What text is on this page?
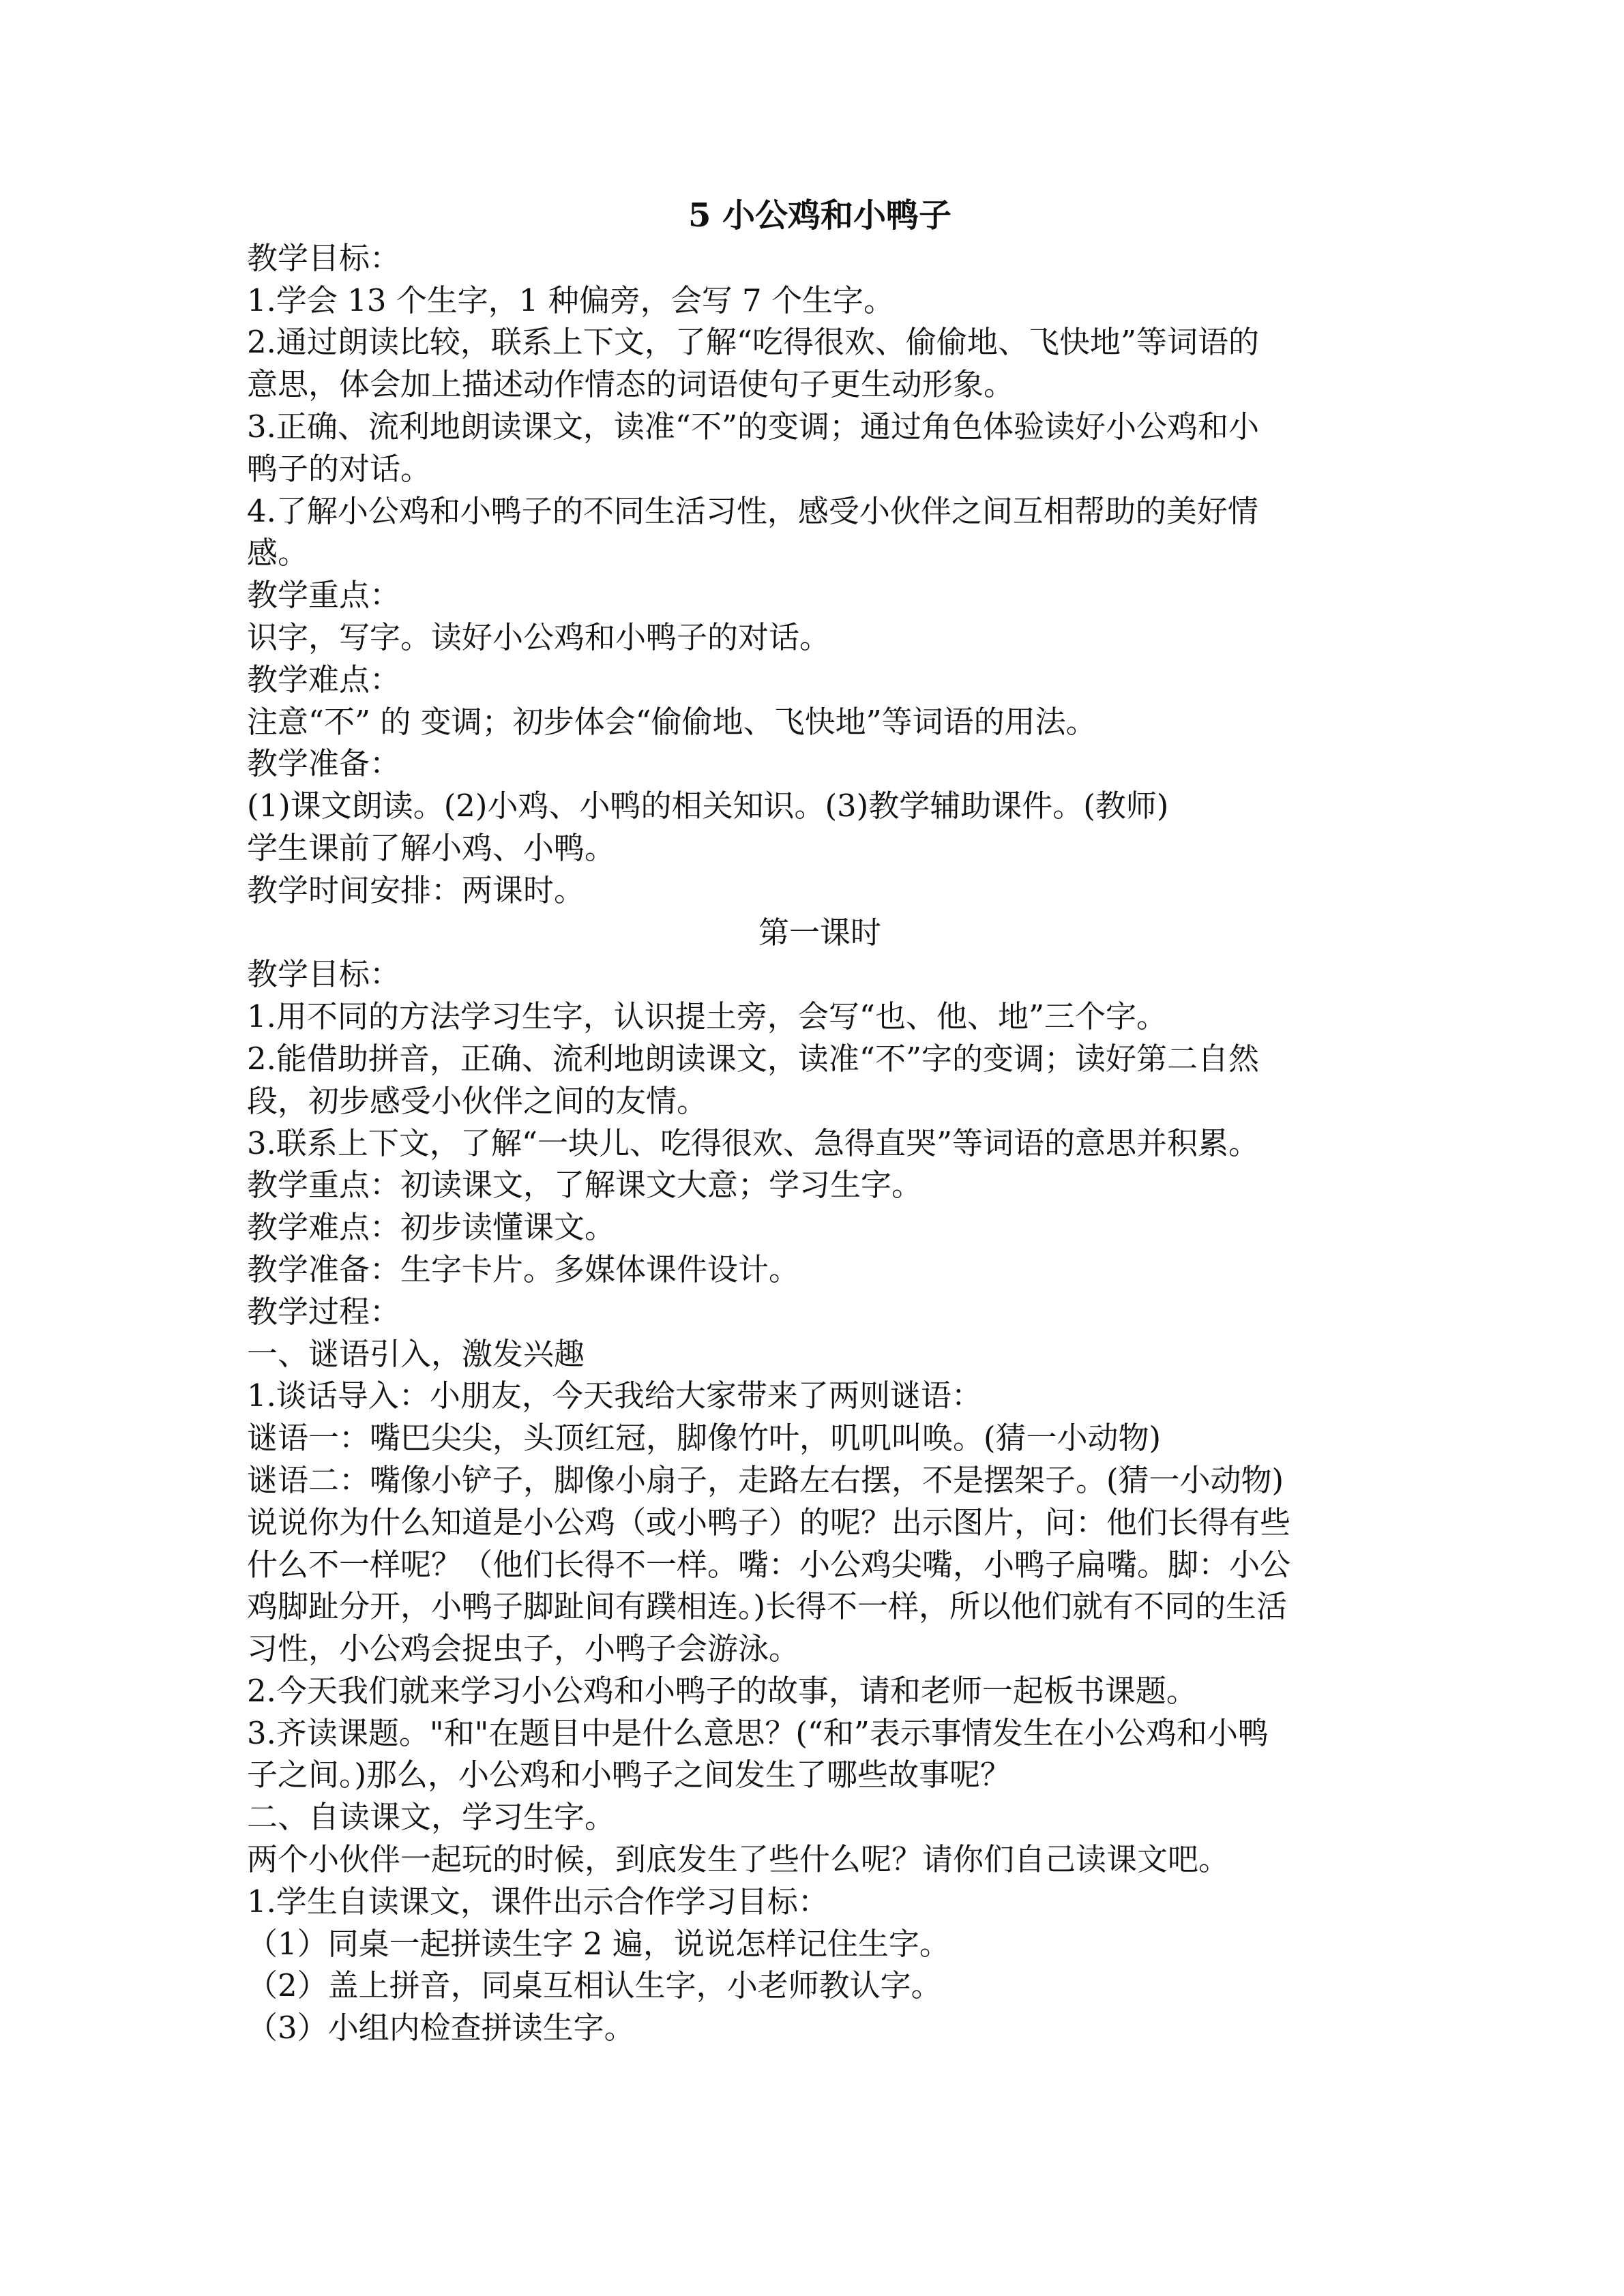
5 小公鸡和小鸭子

教学目标：

1.学会 13 个生字，1 种偏旁，会写 7 个生字。

2.通过朗读比较，联系上下文，了解“吃得很欢、偷偷地、飞快地”等词语的

意思，体会加上描述动作情态的词语使句子更生动形象。

3.正确、流利地朗读课文，读准“不”的变调；通过角色体验读好小公鸡和小

鸭子的对话。

4.了解小公鸡和小鸭子的不同生活习性，感受小伙伴之间互相帮助的美好情

感。

教学重点：

识字，写字。读好小公鸡和小鸭子的对话。

教学难点：

注意“不” 的 变调；初步体会“偷偷地、飞快地”等词语的用法。

教学准备：

(1)课文朗读。(2)小鸡、小鸭的相关知识。(3)教学辅助课件。(教师)

学生课前了解小鸡、小鸭。

教学时间安排：两课时。

第一课时

教学目标：

1.用不同的方法学习生字，认识提土旁，会写“也、他、地”三个字。

2.能借助拼音，正确、流利地朗读课文，读准“不”字的变调；读好第二自然

段，初步感受小伙伴之间的友情。

3.联系上下文，了解“一块儿、吃得很欢、急得直哭”等词语的意思并积累。

教学重点：初读课文，了解课文大意；学习生字。

教学难点：初步读懂课文。

教学准备：生字卡片。多媒体课件设计。

教学过程：

一、谜语引入，激发兴趣

1.谈话导入：小朋友，今天我给大家带来了两则谜语：

谜语一：嘴巴尖尖，头顶红冠，脚像竹叶，叽叽叫唤。(猜一小动物)

谜语二：嘴像小铲子，脚像小扇子，走路左右摆，不是摆架子。(猜一小动物)

说说你为什么知道是小公鸡（或小鸭子）的呢？出示图片，问：他们长得有些

什么不一样呢？（他们长得不一样。嘴：小公鸡尖嘴，小鸭子扁嘴。脚：小公

鸡脚趾分开，小鸭子脚趾间有蹼相连。)长得不一样，所以他们就有不同的生活

习性，小公鸡会捉虫子，小鸭子会游泳。

2.今天我们就来学习小公鸡和小鸭子的故事，请和老师一起板书课题。

3.齐读课题。"和"在题目中是什么意思？(“和”表示事情发生在小公鸡和小鸭

子之间。)那么，小公鸡和小鸭子之间发生了哪些故事呢？

二、自读课文，学习生字。

两个小伙伴一起玩的时候，到底发生了些什么呢？请你们自己读课文吧。

1.学生自读课文，课件出示合作学习目标：

（1）同桌一起拼读生字 2 遍，说说怎样记住生字。

（2）盖上拼音，同桌互相认生字，小老师教认字。

（3）小组内检查拼读生字。
